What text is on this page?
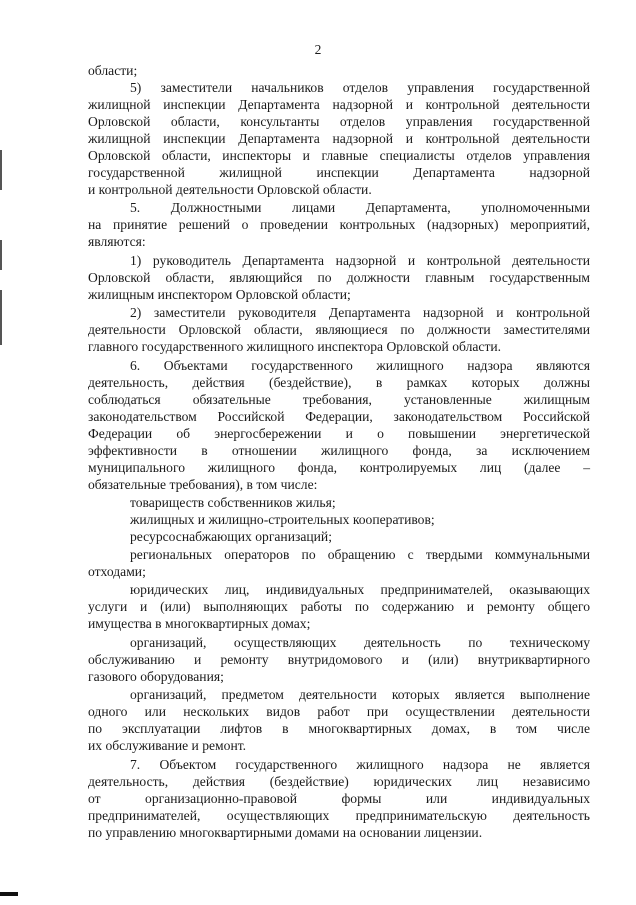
2
области;
5) заместители начальников отделов управления государственной
жилищной инспекции Департамента надзорной и контрольной деятельности
Орловской области, консультанты отделов управления государственной
жилищной инспекции Департамента надзорной и контрольной деятельности
Орловской области, инспекторы и главные специалисты отделов управления
государственной жилищной инспекции Департамента надзорной
и контрольной деятельности Орловской области.
5. Должностными лицами Департамента, уполномоченными
на принятие решений о проведении контрольных (надзорных) мероприятий,
являются:
1) руководитель Департамента надзорной и контрольной деятельности
Орловской области, являющийся по должности главным государственным
жилищным инспектором Орловской области;
2) заместители руководителя Департамента надзорной и контрольной
деятельности Орловской области, являющиеся по должности заместителями
главного государственного жилищного инспектора Орловской области.
6. Объектами государственного жилищного надзора являются
деятельность, действия (бездействие), в рамках которых должны
соблюдаться обязательные требования, установленные жилищным
законодательством Российской Федерации, законодательством Российской
Федерации об энергосбережении и о повышении энергетической
эффективности в отношении жилищного фонда, за исключением
муниципального жилищного фонда, контролируемых лиц (далее –
обязательные требования), в том числе:
товариществ собственников жилья;
жилищных и жилищно-строительных кооперативов;
ресурсоснабжающих организаций;
региональных операторов по обращению с твердыми коммунальными
отходами;
юридических лиц, индивидуальных предпринимателей, оказывающих
услуги и (или) выполняющих работы по содержанию и ремонту общего
имущества в многоквартирных домах;
организаций, осуществляющих деятельность по техническому
обслуживанию и ремонту внутридомового и (или) внутриквартирного
газового оборудования;
организаций, предметом деятельности которых является выполнение
одного или нескольких видов работ при осуществлении деятельности
по эксплуатации лифтов в многоквартирных домах, в том числе
их обслуживание и ремонт.
7. Объектом государственного жилищного надзора не является
деятельность, действия (бездействие) юридических лиц независимо
от организационно-правовой формы или индивидуальных
предпринимателей, осуществляющих предпринимательскую деятельность
по управлению многоквартирными домами на основании лицензии.
